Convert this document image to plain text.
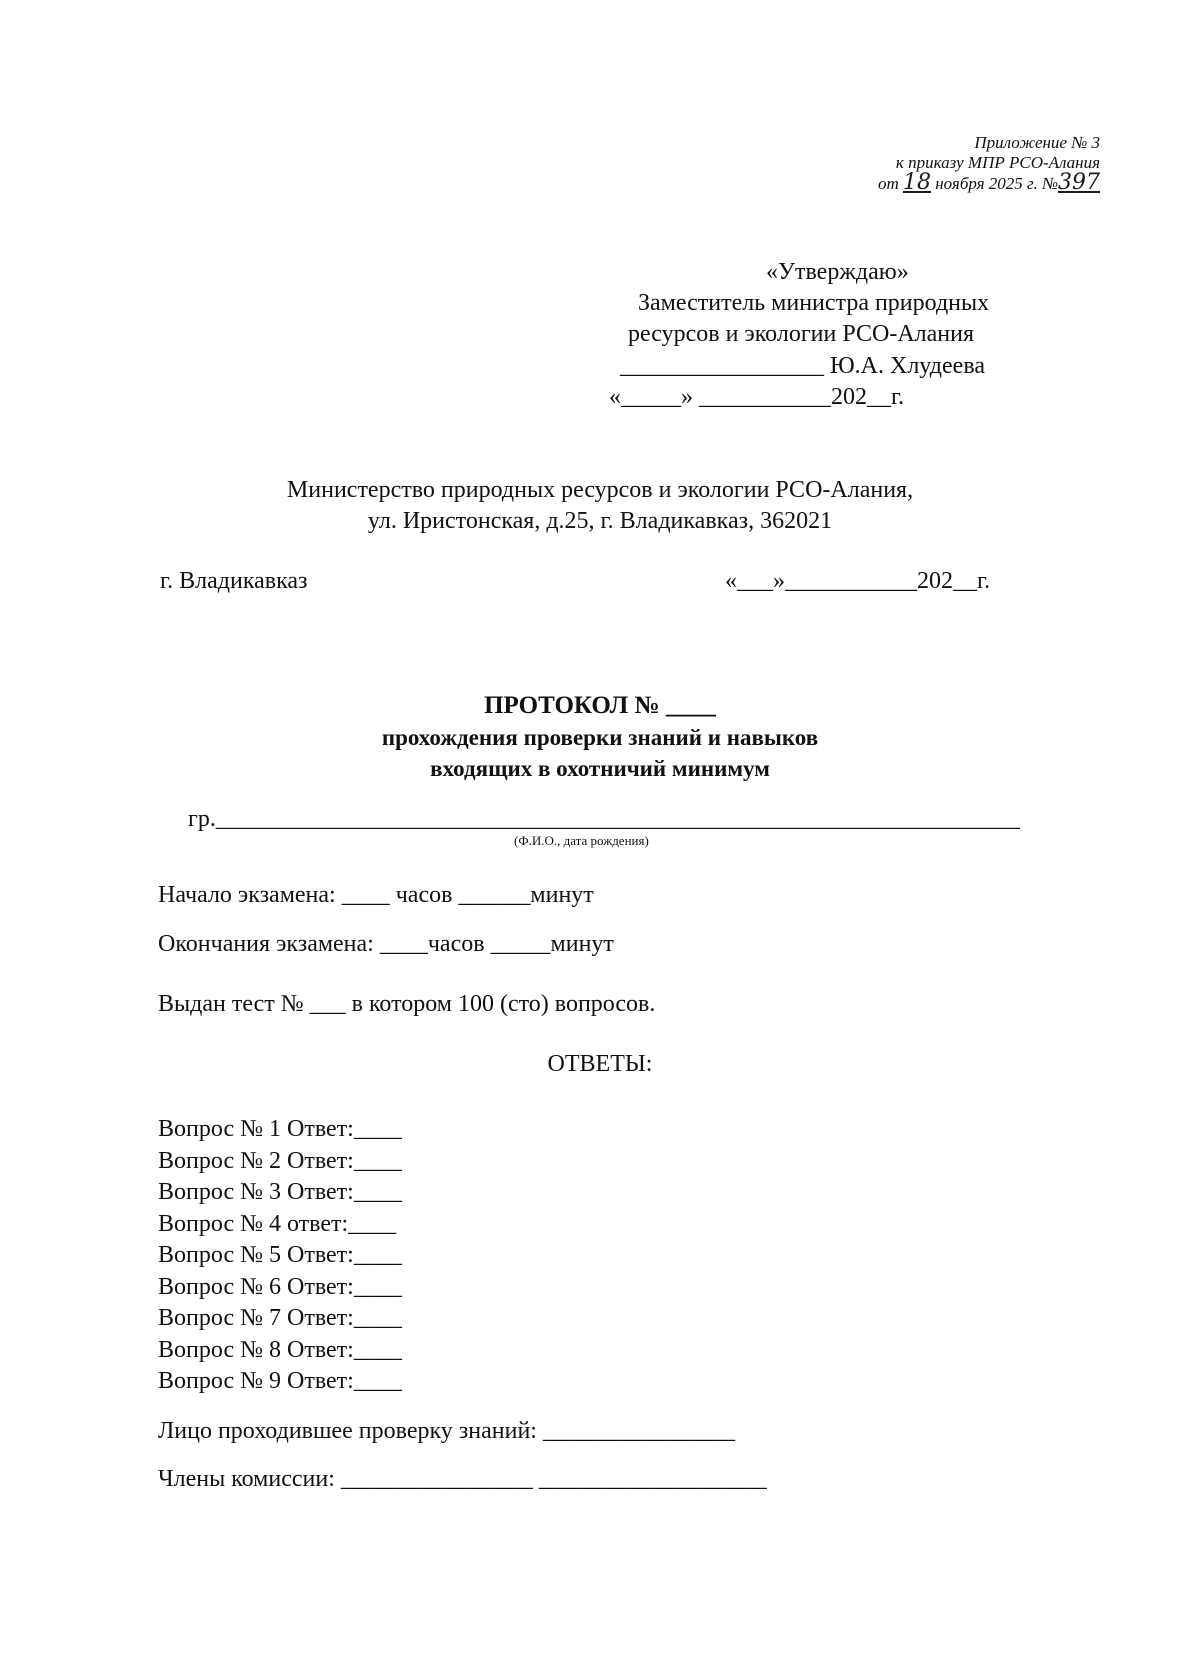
Приложение № 3
к приказу МПР РСО-Алания
от 18 ноября 2025 г. №397
«Утверждаю»
Заместитель министра природных
ресурсов и экологии РСО-Алания
_________________ Ю.А. Хлудеева
«_____» ___________202__г.
Министерство природных ресурсов и экологии РСО-Алания,
ул. Иристонская, д.25, г. Владикавказ, 362021
г. Владикавказ	«___»___________202__г.
ПРОТОКОЛ № ____
прохождения проверки знаний и навыков
входящих в охотничий минимум
гр.___________________________________________________________________
(Ф.И.О., дата рождения)
Начало экзамена: ____ часов ______минут
Окончания экзамена: ____часов _____минут
Выдан тест № ___ в котором 100 (сто) вопросов.
ОТВЕТЫ:
Вопрос № 1 Ответ:____
Вопрос № 2 Ответ:____
Вопрос № 3 Ответ:____
Вопрос № 4 ответ:____
Вопрос № 5 Ответ:____
Вопрос № 6 Ответ:____
Вопрос № 7 Ответ:____
Вопрос № 8 Ответ:____
Вопрос № 9 Ответ:____
Лицо проходившее проверку знаний: ________________
Члены комиссии: ________________ ___________________
